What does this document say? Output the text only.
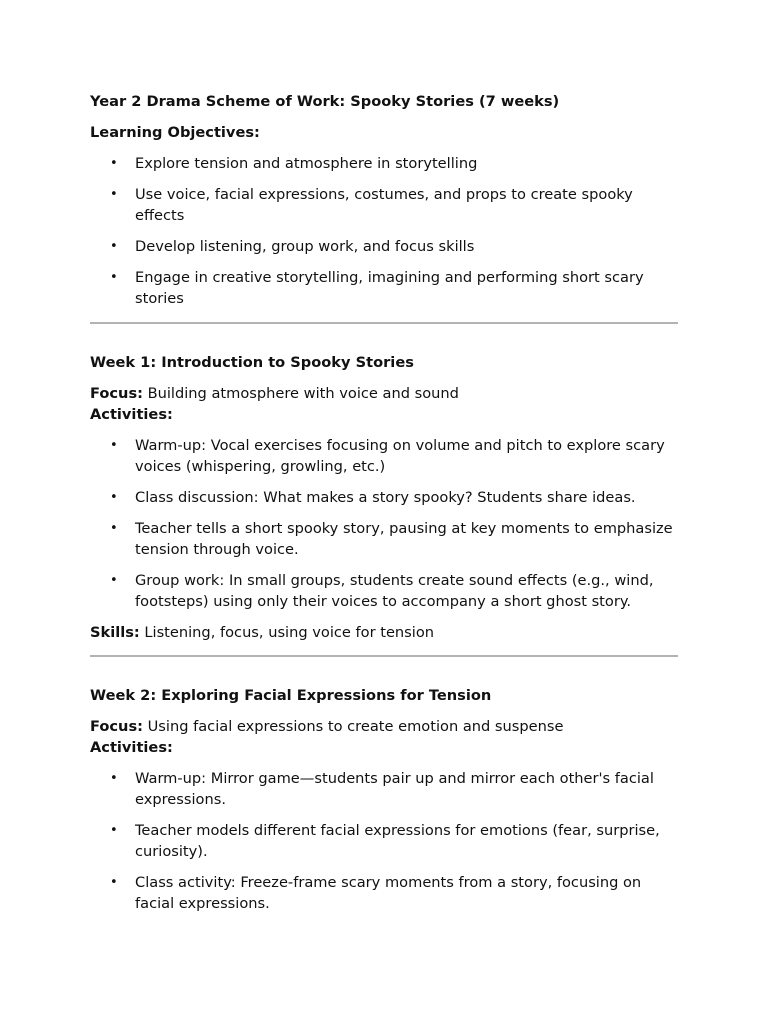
Year 2 Drama Scheme of Work: Spooky Stories (7 weeks)
Learning Objectives:
• Explore tension and atmosphere in storytelling
• Use voice, facial expressions, costumes, and props to create spooky effects
• Develop listening, group work, and focus skills
• Engage in creative storytelling, imagining and performing short scary stories
Week 1: Introduction to Spooky Stories
Focus: Building atmosphere with voice and sound
Activities:
• Warm-up: Vocal exercises focusing on volume and pitch to explore scary voices (whispering, growling, etc.)
• Class discussion: What makes a story spooky? Students share ideas.
• Teacher tells a short spooky story, pausing at key moments to emphasize tension through voice.
• Group work: In small groups, students create sound effects (e.g., wind, footsteps) using only their voices to accompany a short ghost story.
Skills: Listening, focus, using voice for tension
Week 2: Exploring Facial Expressions for Tension
Focus: Using facial expressions to create emotion and suspense
Activities:
• Warm-up: Mirror game—students pair up and mirror each other's facial expressions.
• Teacher models different facial expressions for emotions (fear, surprise, curiosity).
• Class activity: Freeze-frame scary moments from a story, focusing on facial expressions.
